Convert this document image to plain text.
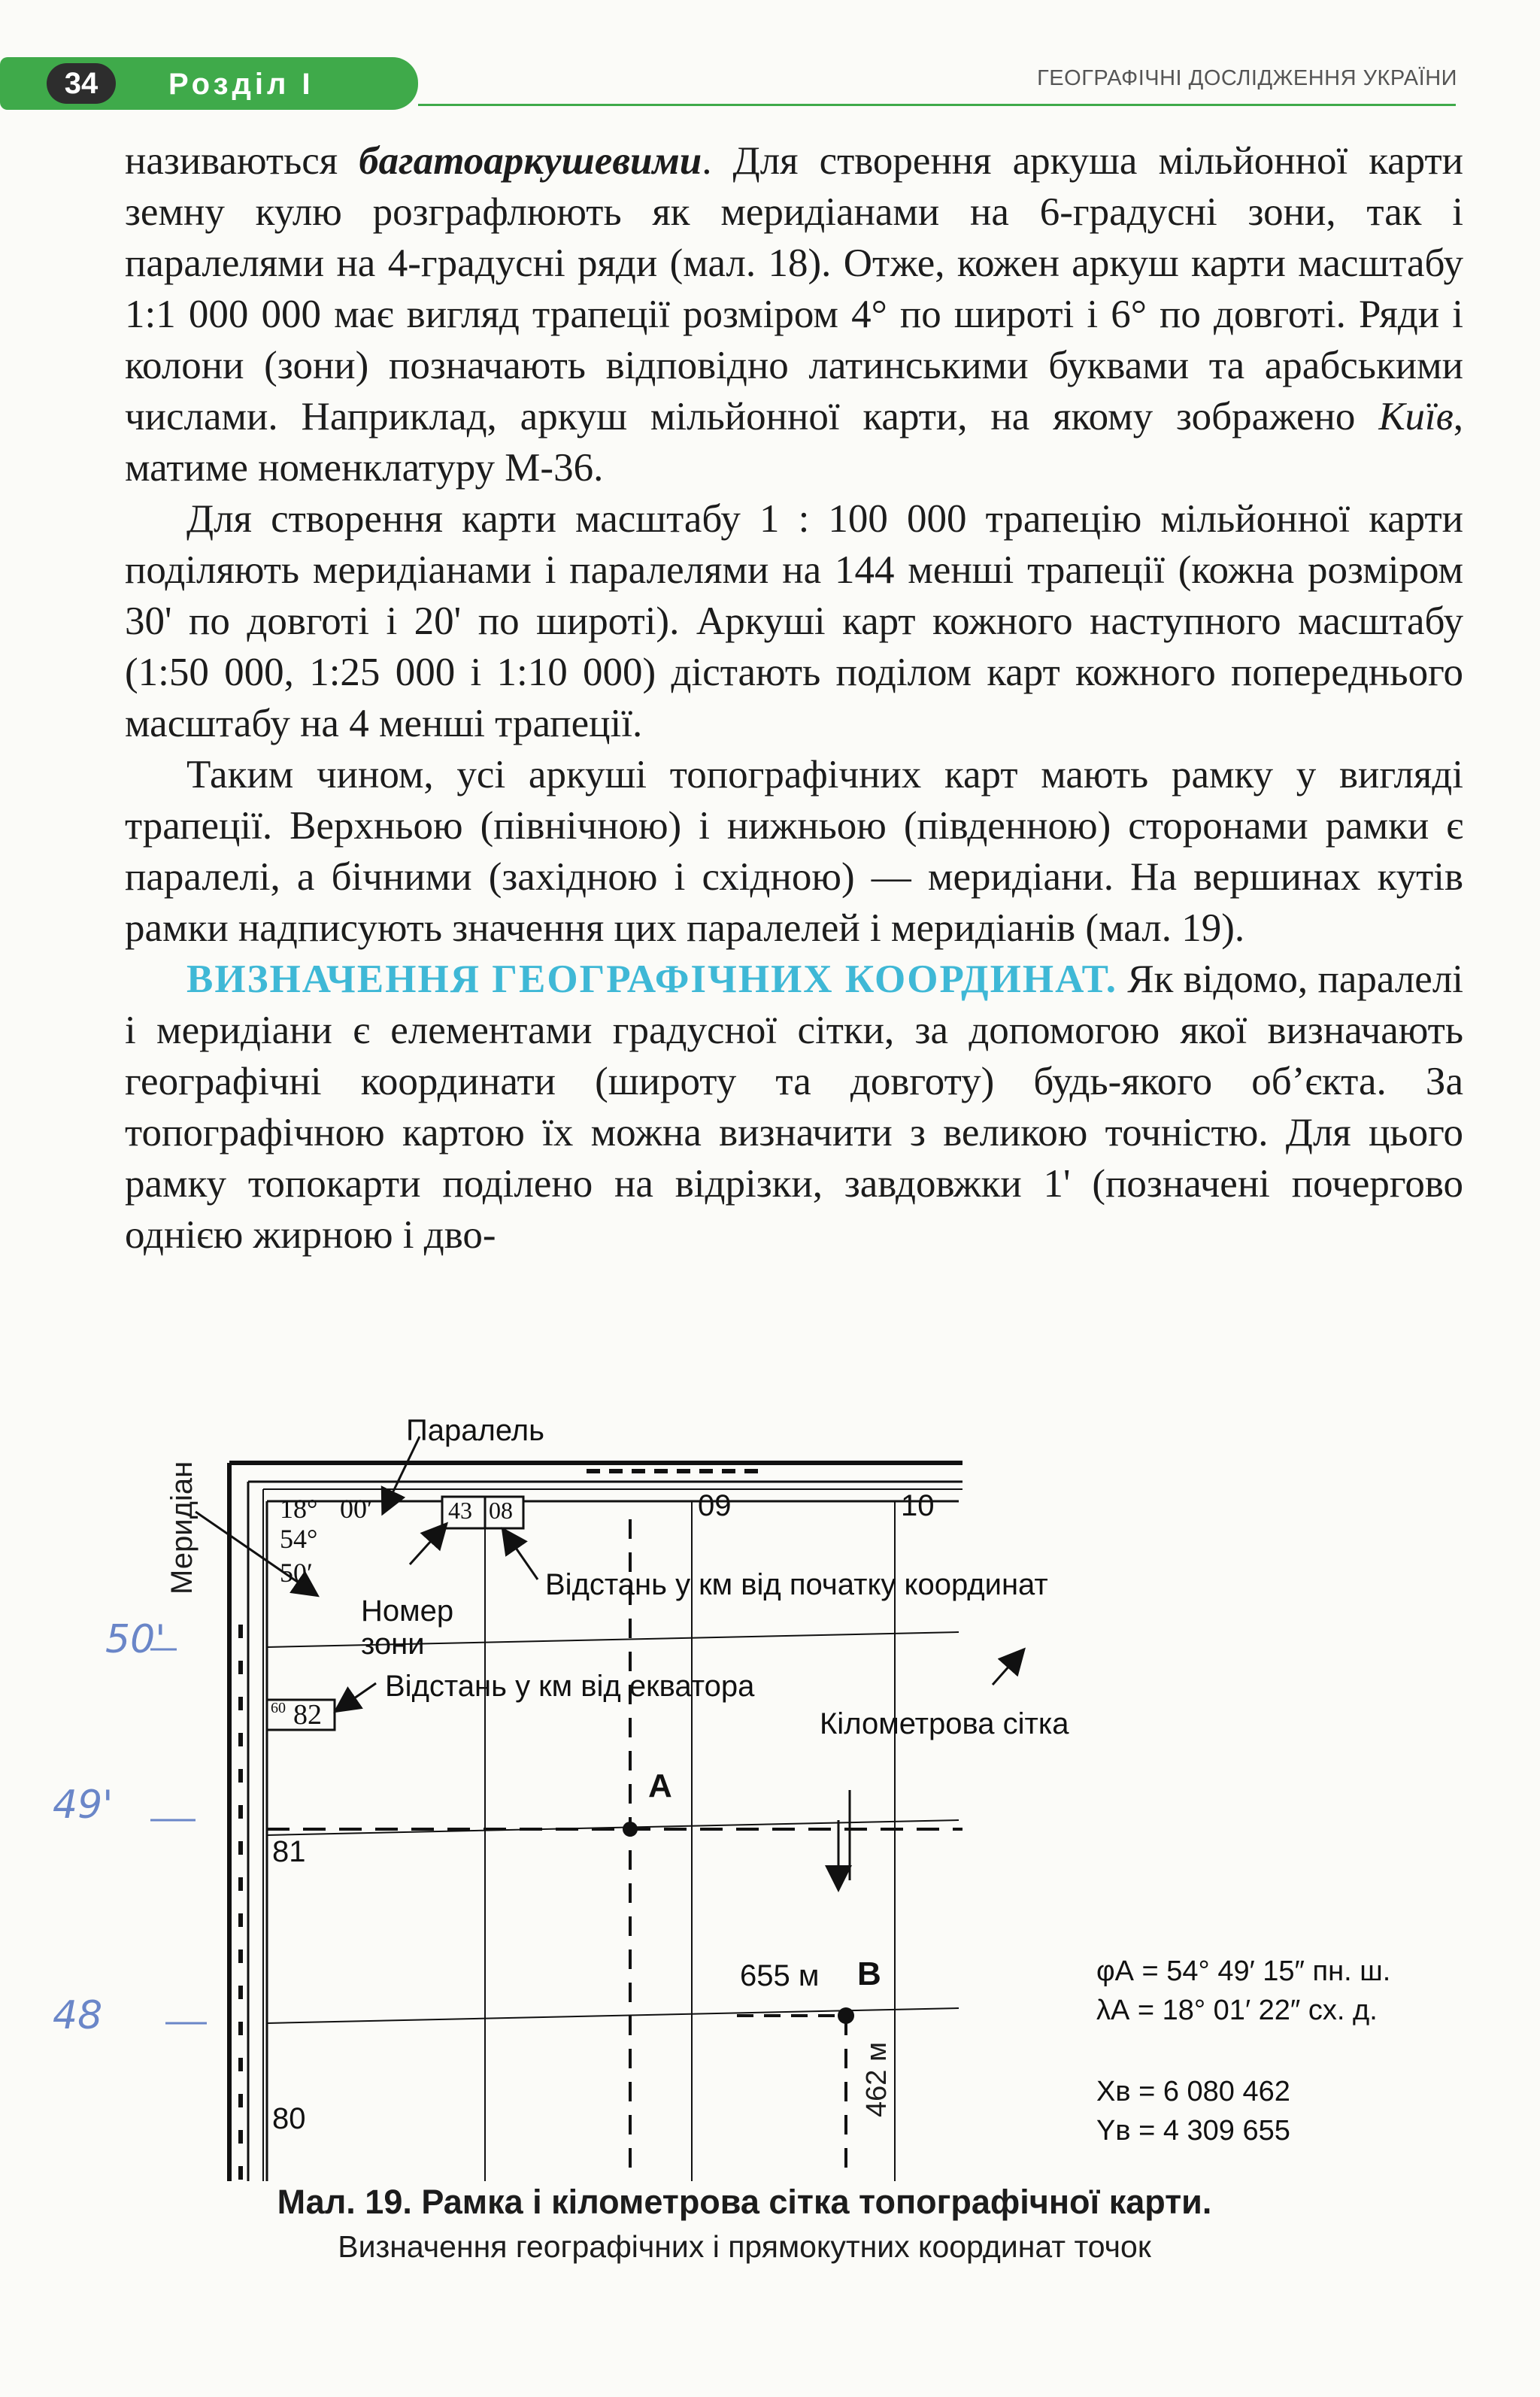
34	Розділ I	ГЕОГРАФІЧНІ ДОСЛІДЖЕННЯ УКРАЇНИ

називаються багатоаркушевими. Для створення аркуша мільйонної карти земну кулю розграфлюють як меридіанами на 6-градусні зони, так і паралелями на 4-градусні ряди (мал. 18). Отже, кожен аркуш карти масштабу 1:1 000 000 має вигляд трапеції розміром 4° по широті і 6° по довготі. Ряди і колони (зони) позначають відповідно латинськими буквами та арабськими числами. Наприклад, аркуш мільйонної карти, на якому зображено Київ, матиме номенклатуру М-36.

Для створення карти масштабу 1 : 100 000 трапецію мільйонної карти поділяють меридіанами і паралелями на 144 менші трапеції (кожна розміром 30' по довготі і 20' по широті). Аркуші карт кожного наступного масштабу (1:50 000, 1:25 000 і 1:10 000) дістають поділом карт кожного попереднього масштабу на 4 менші трапеції.

Таким чином, усі аркуші топографічних карт мають рамку у вигляді трапеції. Верхньою (північною) і нижньою (південною) сторонами рамки є паралелі, а бічними (західною і східною) — меридіани. На вершинах кутів рамки надписують значення цих паралелей і меридіанів (мал. 19).

ВИЗНАЧЕННЯ ГЕОГРАФІЧНИХ КООРДИНАТ. Як відомо, паралелі і меридіани є елементами градусної сітки, за допомогою якої визначають географічні координати (широту та довготу) будь-якого об’єкта. За топографічною картою їх можна визначити з великою точністю. Для цього рамку топокарти поділено на відрізки, завдовжки 1' (позначені почергово однією жирною і дво-

Паралель
Меридіан	18° 00′
54°
50′
43 08	09	10
Номер зони
Відстань у км від початку координат
Відстань у км від екватора
60 82	Кілометрова сітка
A
B
81
80
655 м
462 м
φА = 54° 49′ 15″ пн. ш.
λА = 18° 01′ 22″ сх. д.
Xв = 6 080 462
Yв = 4 309 655
50'
49'
48
Мал. 19. Рамка і кілометрова сітка топографічної карти.
Визначення географічних і прямокутних координат точок
